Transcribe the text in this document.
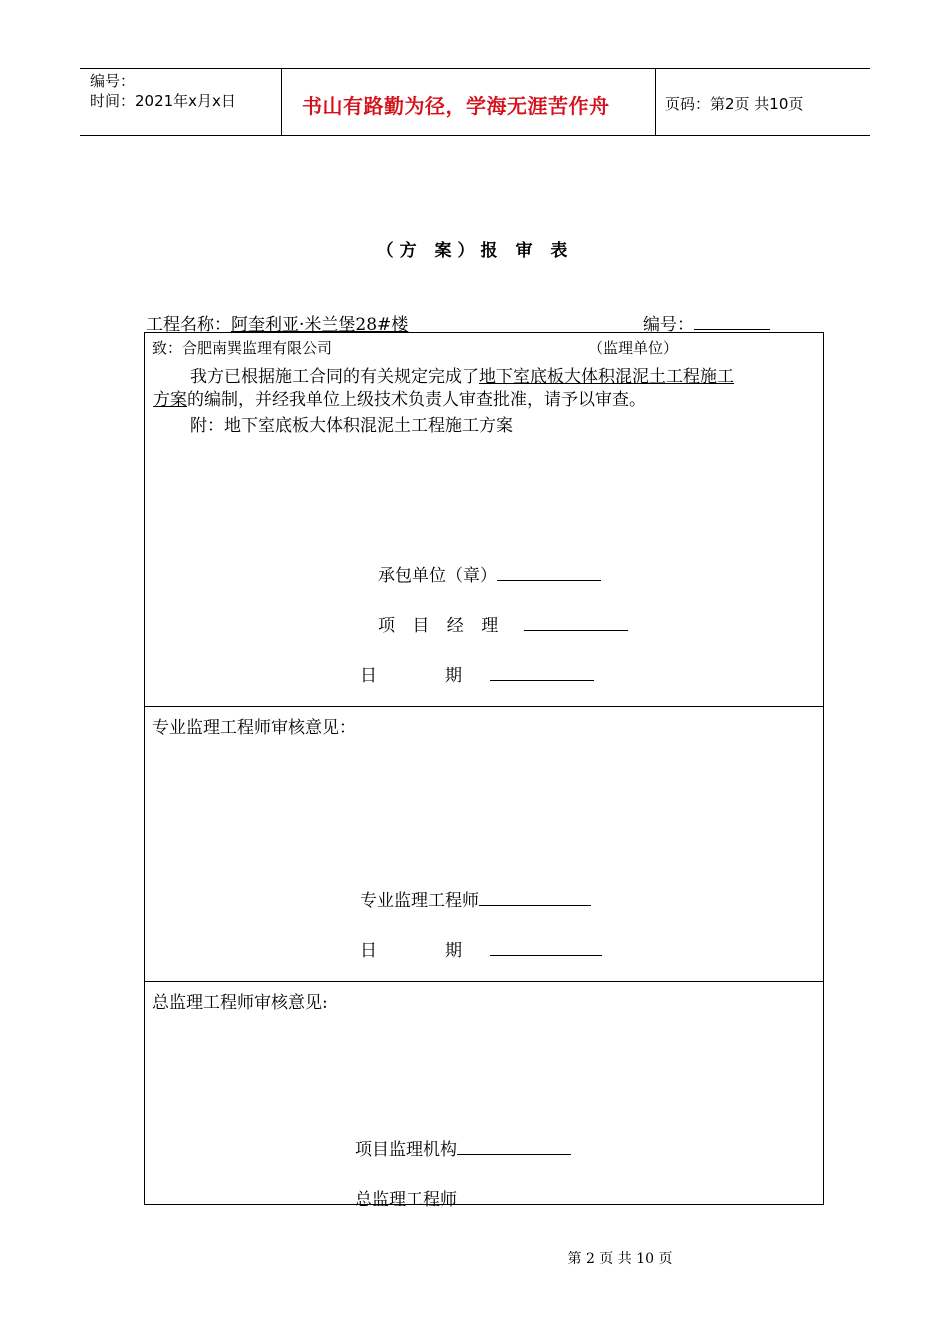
编号：
时间：2021年x月x日	书山有路勤为径，学海无涯苦作舟	页码：第2页 共10页
（方 案）报 审 表
工程名称：阿奎利亚·米兰堡28#楼	编号：
致：合肥南巽监理有限公司	（监理单位）
我方已根据施工合同的有关规定完成了地下室底板大体积混泥土工程施工
方案的编制，并经我单位上级技术负责人审查批准，请予以审查。
附：地下室底板大体积混泥土工程施工方案
承包单位（章）
项 目 经 理
日	期
专业监理工程师审核意见：
专业监理工程师
日	期
总监理工程师审核意见:
项目监理机构
总监理工程师
第 2 页 共 10 页
